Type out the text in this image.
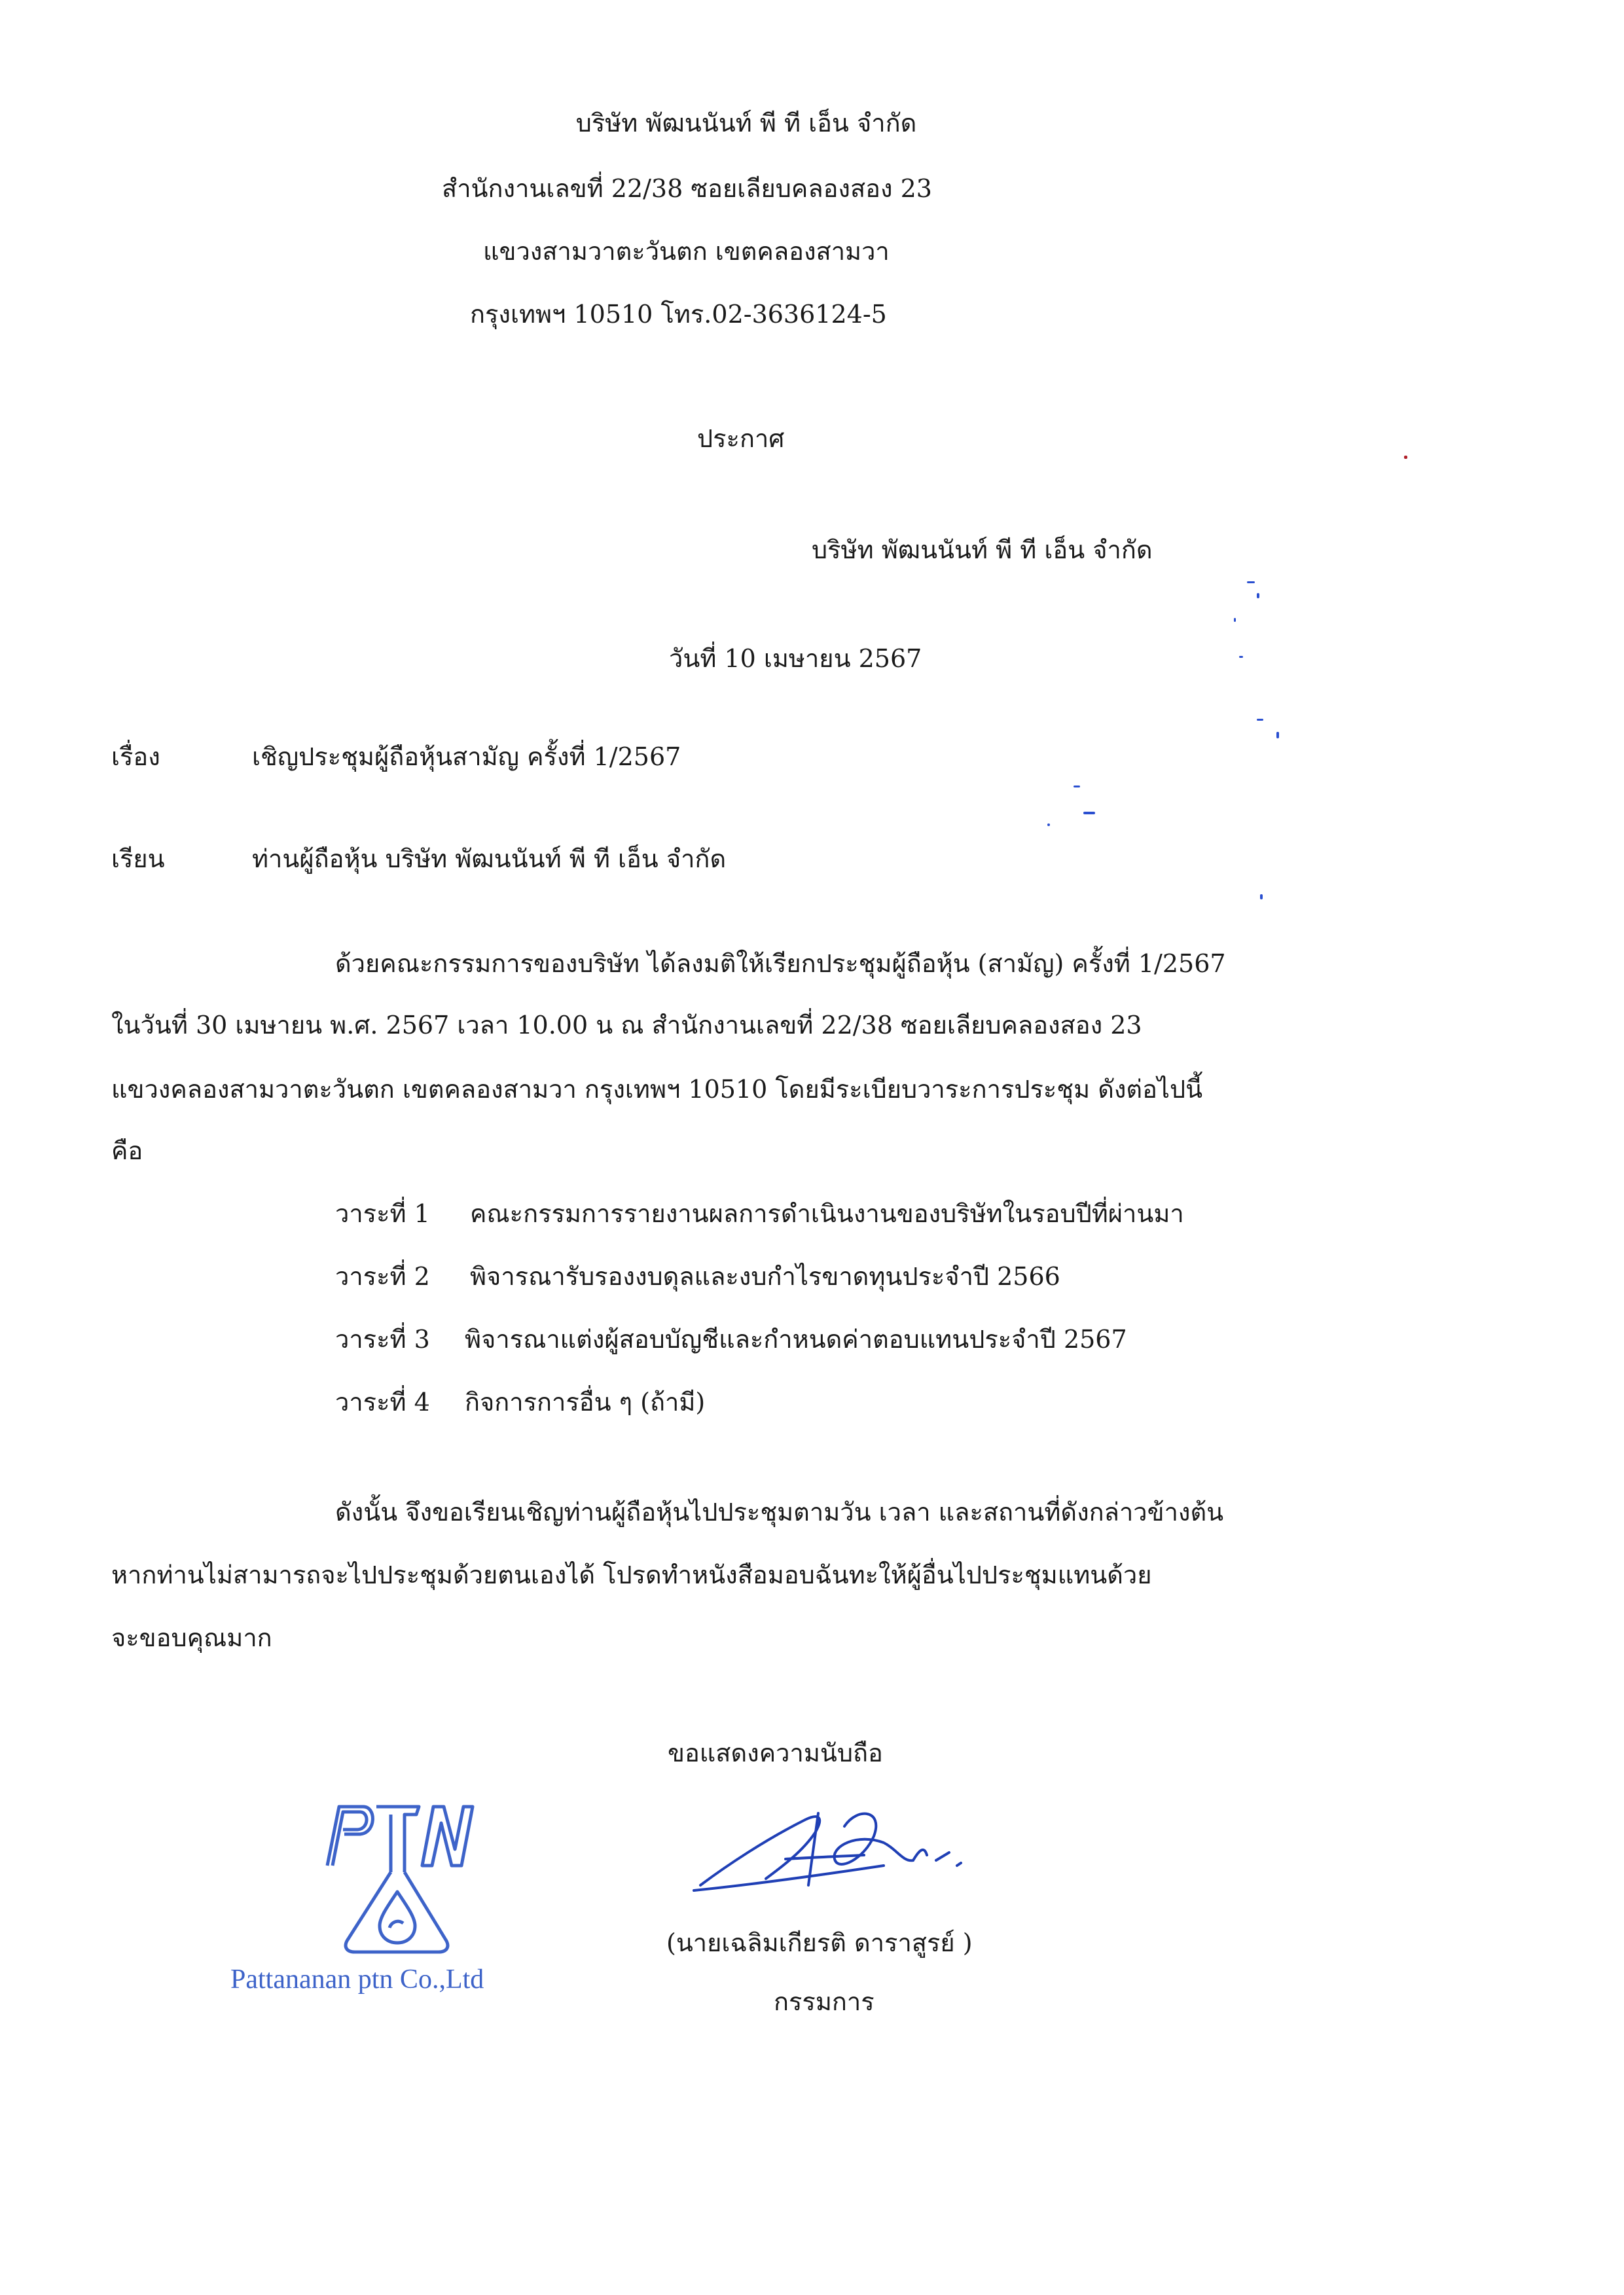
บริษัท พัฒนนันท์ พี ที เอ็น จำกัด
สำนักงานเลขที่ 22/38 ซอยเลียบคลองสอง 23
แขวงสามวาตะวันตก เขตคลองสามวา
กรุงเทพฯ 10510 โทร.02-3636124-5
ประกาศ
บริษัท พัฒนนันท์ พี ที เอ็น จำกัด
วันที่ 10 เมษายน 2567
เรื่อง	เชิญประชุมผู้ถือหุ้นสามัญ ครั้งที่ 1/2567
เรียน	ท่านผู้ถือหุ้น บริษัท พัฒนนันท์ พี ที เอ็น จำกัด
ด้วยคณะกรรมการของบริษัท ได้ลงมติให้เรียกประชุมผู้ถือหุ้น (สามัญ) ครั้งที่ 1/2567
ในวันที่ 30 เมษายน พ.ศ. 2567 เวลา 10.00 น ณ สำนักงานเลขที่ 22/38 ซอยเลียบคลองสอง 23
แขวงคลองสามวาตะวันตก เขตคลองสามวา กรุงเทพฯ 10510 โดยมีระเบียบวาระการประชุม ดังต่อไปนี้
คือ
วาระที่ 1 คณะกรรมการรายงานผลการดำเนินงานของบริษัทในรอบปีที่ผ่านมา
วาระที่ 2 พิจารณารับรองงบดุลและงบกำไรขาดทุนประจำปี 2566
วาระที่ 3 พิจารณาแต่งผู้สอบบัญชีและกำหนดค่าตอบแทนประจำปี 2567
วาระที่ 4 กิจการการอื่น ๆ (ถ้ามี)
ดังนั้น จึงขอเรียนเชิญท่านผู้ถือหุ้นไปประชุมตามวัน เวลา และสถานที่ดังกล่าวข้างต้น
หากท่านไม่สามารถจะไปประชุมด้วยตนเองได้ โปรดทำหนังสือมอบฉันทะให้ผู้อื่นไปประชุมแทนด้วย
จะขอบคุณมาก
ขอแสดงความนับถือ
(นายเฉลิมเกียรติ ดาราสูรย์ )
กรรมการ
Pattananan ptn Co.,Ltd
